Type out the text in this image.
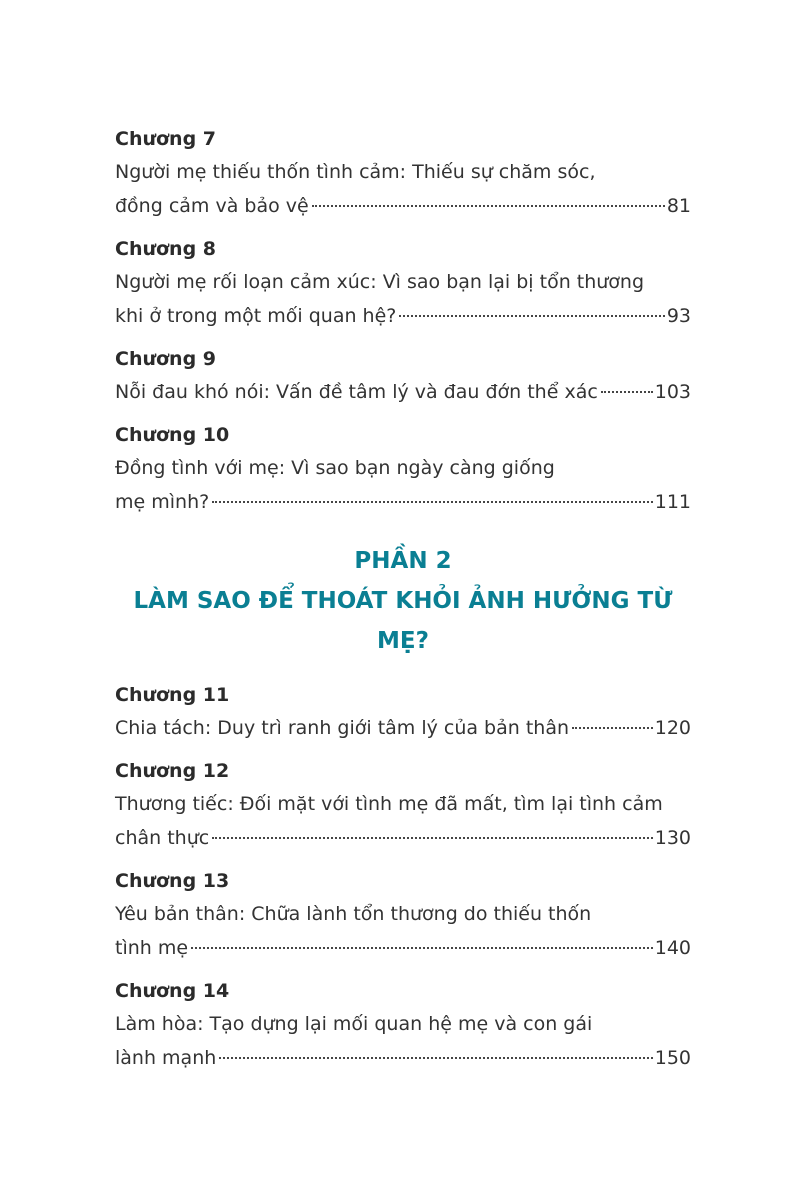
Chương 7
Người mẹ thiếu thốn tình cảm: Thiếu sự chăm sóc,
đồng cảm và bảo vệ	81
Chương 8
Người mẹ rối loạn cảm xúc: Vì sao bạn lại bị tổn thương
khi ở trong một mối quan hệ?	93
Chương 9
Nỗi đau khó nói: Vấn đề tâm lý và đau đớn thể xác	103
Chương 10
Đồng tình với mẹ: Vì sao bạn ngày càng giống
mẹ mình?	111
PHẦN 2
LÀM SAO ĐỂ THOÁT KHỎI ẢNH HƯỞNG TỪ MẸ?
Chương 11
Chia tách: Duy trì ranh giới tâm lý của bản thân	120
Chương 12
Thương tiếc: Đối mặt với tình mẹ đã mất, tìm lại tình cảm
chân thực	130
Chương 13
Yêu bản thân: Chữa lành tổn thương do thiếu thốn
tình mẹ	140
Chương 14
Làm hòa: Tạo dựng lại mối quan hệ mẹ và con gái
lành mạnh	150
